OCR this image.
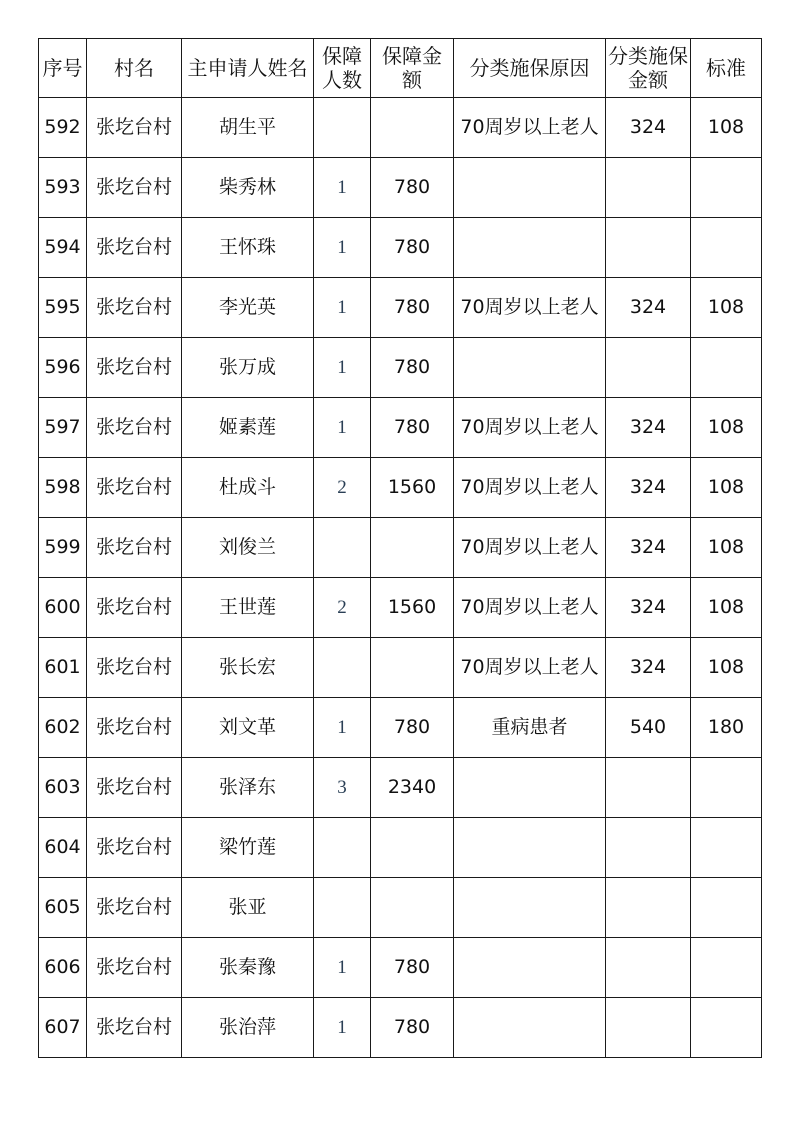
序号	村名	主申请人姓名	保障人数	保障金额	分类施保原因	分类施保金额	标准
592	张圪台村	胡生平			70周岁以上老人	324	108
593	张圪台村	柴秀林	1	780			
594	张圪台村	王怀珠	1	780			
595	张圪台村	李光英	1	780	70周岁以上老人	324	108
596	张圪台村	张万成	1	780			
597	张圪台村	姬素莲	1	780	70周岁以上老人	324	108
598	张圪台村	杜成斗	2	1560	70周岁以上老人	324	108
599	张圪台村	刘俊兰			70周岁以上老人	324	108
600	张圪台村	王世莲	2	1560	70周岁以上老人	324	108
601	张圪台村	张长宏			70周岁以上老人	324	108
602	张圪台村	刘文革	1	780	重病患者	540	180
603	张圪台村	张泽东	3	2340			
604	张圪台村	梁竹莲					
605	张圪台村	张亚					
606	张圪台村	张秦豫	1	780			
607	张圪台村	张治萍	1	780			
